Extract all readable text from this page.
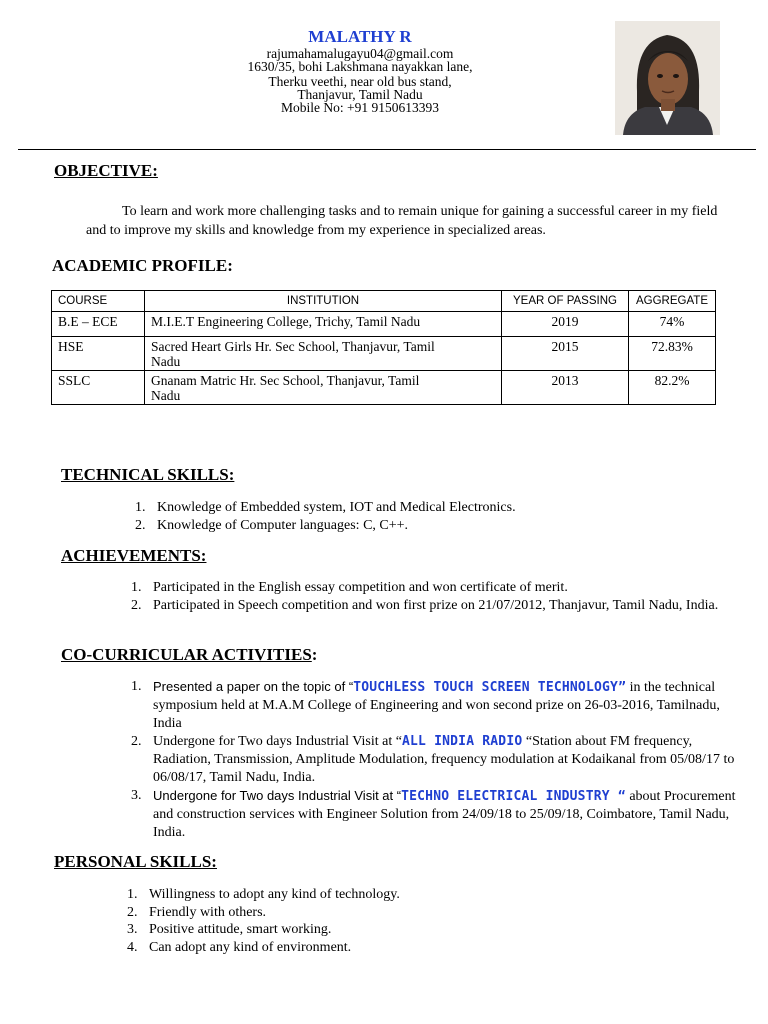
MALATHY R
rajumahamalugayu04@gmail.com
1630/35, bohi Lakshmana nayakkan lane,
Therku veethi, near old bus stand,
Thanjavur, Tamil Nadu
Mobile No: +91 9150613393
OBJECTIVE:
To learn and work more challenging tasks and to remain unique for gaining a successful career in my field and to improve my skills and knowledge from my experience in specialized areas.
ACADEMIC PROFILE:
COURSE	INSTITUTION	YEAR OF PASSING	AGGREGATE
B.E – ECE	M.I.E.T Engineering College, Trichy, Tamil Nadu	2019	74%
HSE	Sacred Heart Girls Hr. Sec School, Thanjavur, Tamil Nadu	2015	72.83%
SSLC	Gnanam Matric Hr. Sec School, Thanjavur, Tamil Nadu	2013	82.2%
TECHNICAL SKILLS:
1. Knowledge of Embedded system, IOT and Medical Electronics.
2. Knowledge of Computer languages: C, C++.
ACHIEVEMENTS:
1. Participated in the English essay competition and won certificate of merit.
2. Participated in Speech competition and won first prize on 21/07/2012, Thanjavur, Tamil Nadu, India.
CO-CURRICULAR ACTIVITIES:
1. Presented a paper on the topic of “TOUCHLESS TOUCH SCREEN TECHNOLOGY” in the technical symposium held at M.A.M College of Engineering and won second prize on 26-03-2016, Tamilnadu, India
2. Undergone for Two days Industrial Visit at “ALL INDIA RADIO “Station about FM frequency, Radiation, Transmission, Amplitude Modulation, frequency modulation at Kodaikanal from 05/08/17 to 06/08/17, Tamil Nadu, India.
3. Undergone for Two days Industrial Visit at “TECHNO ELECTRICAL INDUSTRY “ about Procurement and construction services with Engineer Solution from 24/09/18 to 25/09/18, Coimbatore, Tamil Nadu, India.
PERSONAL SKILLS:
1. Willingness to adopt any kind of technology.
2. Friendly with others.
3. Positive attitude, smart working.
4. Can adopt any kind of environment.
